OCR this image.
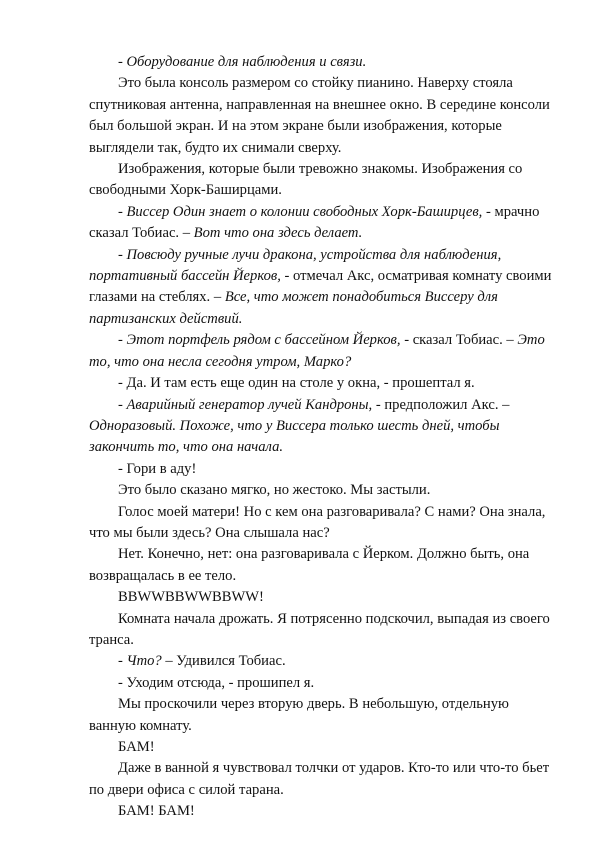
- Оборудование для наблюдения и связи.

Это была консоль размером со стойку пианино. Наверху стояла спутниковая антенна, направленная на внешнее окно. В середине консоли был большой экран. И на этом экране были изображения, которые выглядели так, будто их снимали сверху.

Изображения, которые были тревожно знакомы. Изображения со свободными Хорк-Баширцами.

- Виссер Один знает о колонии свободных Хорк-Баширцев, - мрачно сказал Тобиас. – Вот что она здесь делает.

- Повсюду ручные лучи дракона, устройства для наблюдения, портативный бассейн Йерков, - отмечал Акс, осматривая комнату своими глазами на стеблях. – Все, что может понадобиться Виссеру для партизанских действий.

- Этот портфель рядом с бассейном Йерков, - сказал Тобиас. – Это то, что она несла сегодня утром, Марко?

- Да. И там есть еще один на столе у окна, - прошептал я.

- Аварийный генератор лучей Кандроны, - предположил Акс. – Одноразовый. Похоже, что у Виссера только шесть дней, чтобы закончить то, что она начала.

- Гори в аду!

Это было сказано мягко, но жестоко. Мы застыли.

Голос моей матери! Но с кем она разговаривала? С нами? Она знала, что мы были здесь? Она слышала нас?

Нет. Конечно, нет: она разговаривала с Йерком. Должно быть, она возвращалась в ее тело.

BBWWBBWWBBWW!

Комната начала дрожать. Я потрясенно подскочил, выпадая из своего транса.

- Что? – Удивился Тобиас.

- Уходим отсюда, - прошипел я.

Мы проскочили через вторую дверь. В небольшую, отдельную ванную комнату.

БАМ!

Даже в ванной я чувствовал толчки от ударов. Кто-то или что-то бьет по двери офиса с силой тарана.

БАМ! БАМ!
